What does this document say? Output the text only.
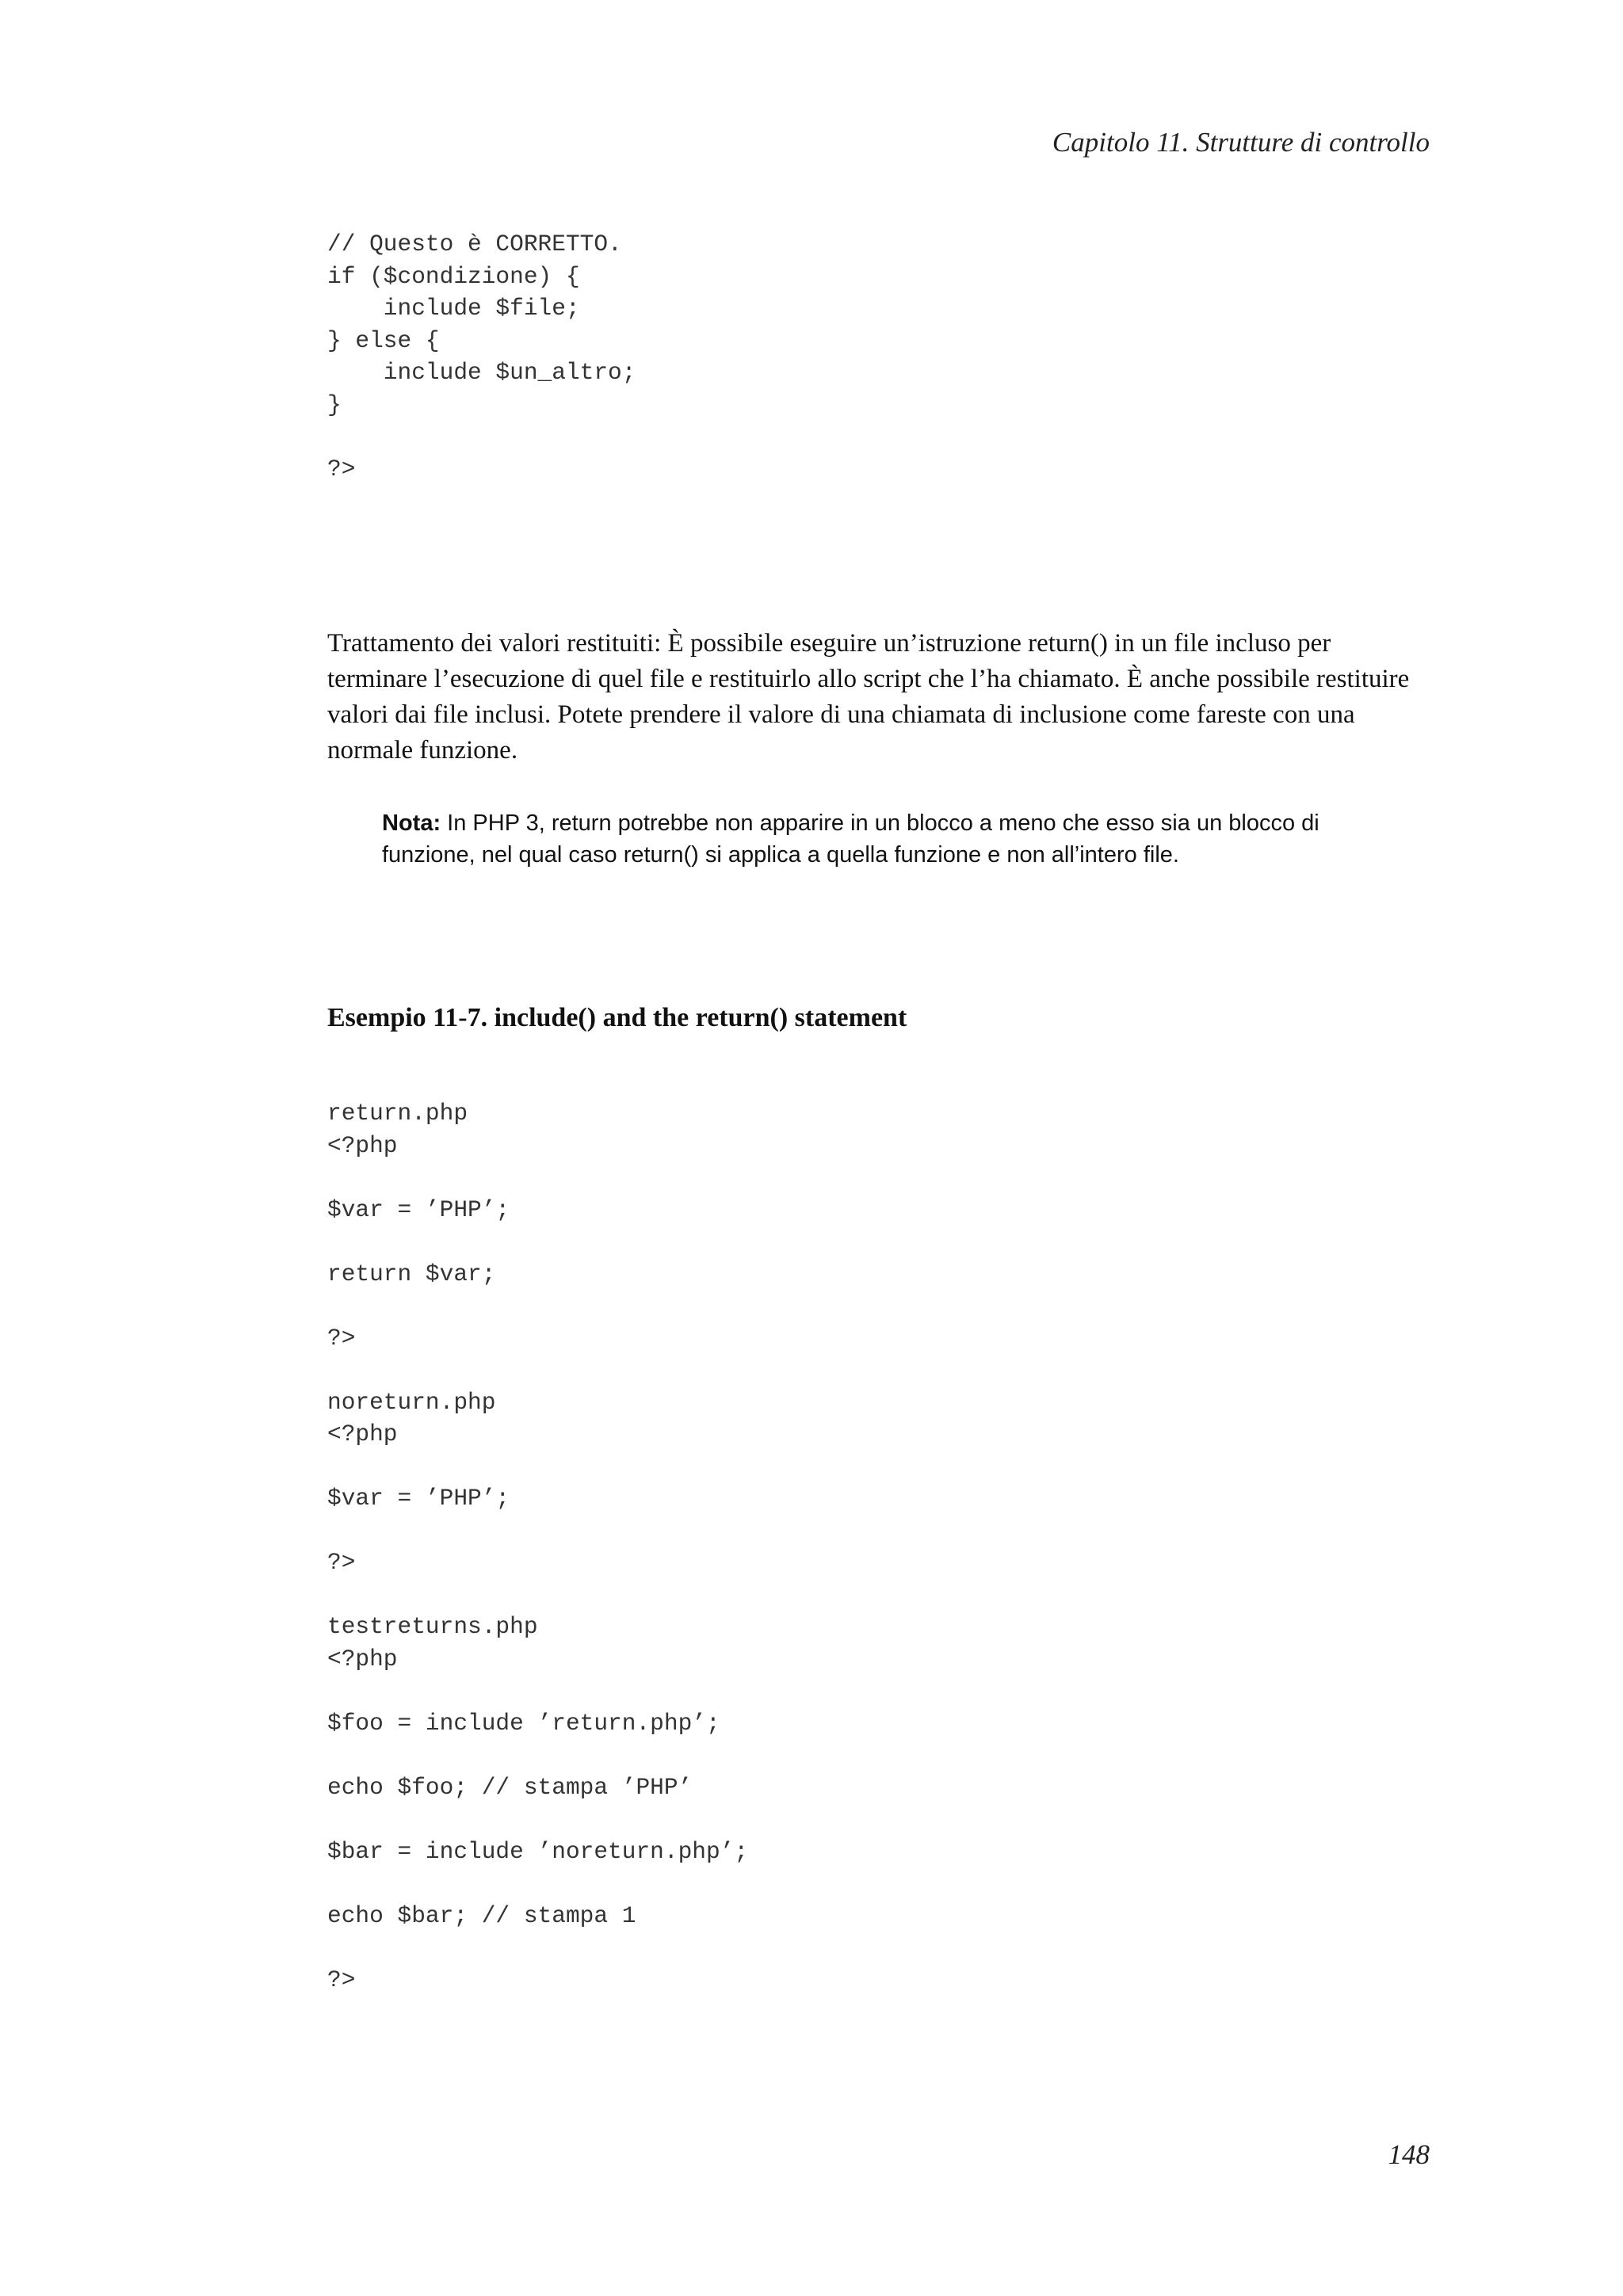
Capitolo 11. Strutture di controllo
// Questo è CORRETTO.
if ($condizione) {
include $file;
} else {
include $un_altro;
}

?>

Trattamento dei valori restituiti: È possibile eseguire un’istruzione return() in un file incluso per terminare l’esecuzione di quel file e restituirlo allo script che l’ha chiamato. È anche possibile restituire valori dai file inclusi. Potete prendere il valore di una chiamata di inclusione come fareste con una normale funzione.

Nota: In PHP 3, return potrebbe non apparire in un blocco a meno che esso sia un blocco di funzione, nel qual caso return() si applica a quella funzione e non all’intero file.

Esempio 11-7. include() and the return() statement
return.php
<?php

$var = ’PHP’;

return $var;

?>

noreturn.php
<?php

$var = ’PHP’;

?>

testreturns.php
<?php

$foo = include ’return.php’;

echo $foo; // stampa ’PHP’

$bar = include ’noreturn.php’;

echo $bar; // stampa 1

?>
148
